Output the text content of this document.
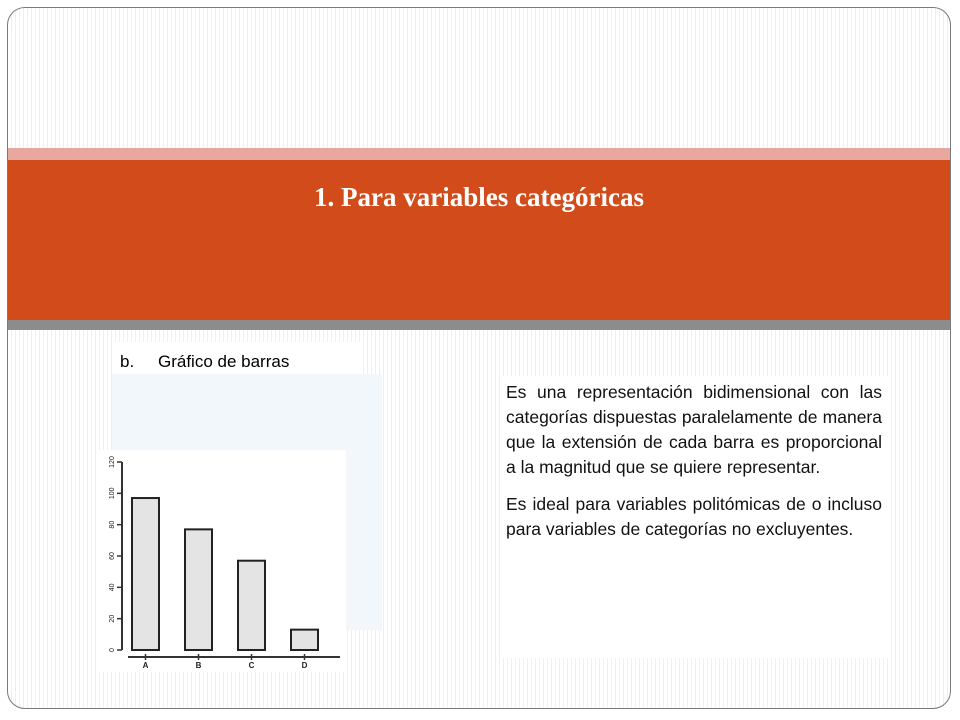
1. Para variables categóricas
b. Gráfico de barras
0
20
40
60
80
100
120
A	B	C	D

Es una representación bidimensional con las categorías dispuestas paralelamente de manera que la extensión de cada barra es proporcional a la magnitud que se quiere representar.

Es ideal para variables politómicas de o incluso para variables de categorías no excluyentes.
